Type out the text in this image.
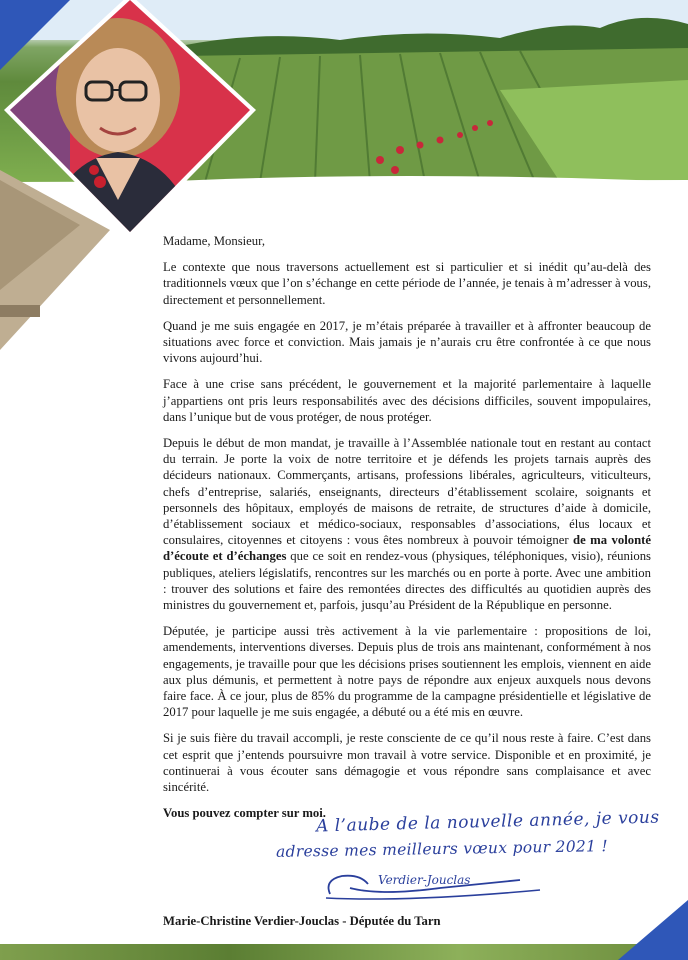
Madame, Monsieur,

Le contexte que nous traversons actuellement est si particulier et si inédit qu’au-delà des traditionnels vœux que l’on s’échange en cette période de l’année, je tenais à m’adresser à vous, directement et personnellement.

Quand je me suis engagée en 2017, je m’étais préparée à travailler et à affronter beaucoup de situations avec force et conviction. Mais jamais je n’aurais cru être confrontée à ce que nous vivons aujourd’hui.

Face à une crise sans précédent, le gouvernement et la majorité parlementaire à laquelle j’appartiens ont pris leurs responsabilités avec des décisions difficiles, souvent impopulaires, dans l’unique but de vous protéger, de nous protéger.

Depuis le début de mon mandat, je travaille à l’Assemblée nationale tout en restant au contact du terrain. Je porte la voix de notre territoire et je défends les projets tarnais auprès des décideurs nationaux. Commerçants, artisans, professions libérales, agriculteurs, viticulteurs, chefs d’entreprise, salariés, enseignants, directeurs d’établissement scolaire, soignants et personnels des hôpitaux, employés de maisons de retraite, de structures d’aide à domicile, d’établissement sociaux et médico-sociaux, responsables d’associations, élus locaux et consulaires, citoyennes et citoyens : vous êtes nombreux à pouvoir témoigner de ma volonté d’écoute et d’échanges que ce soit en rendez-vous (physiques, téléphoniques, visio), réunions publiques, ateliers législatifs, rencontres sur les marchés ou en porte à porte. Avec une ambition : trouver des solutions et faire des remontées directes des difficultés au quotidien auprès des ministres du gouvernement et, parfois, jusqu’au Président de la République en personne.

Députée, je participe aussi très activement à la vie parlementaire : propositions de loi, amendements, interventions diverses. Depuis plus de trois ans maintenant, conformément à nos engagements, je travaille pour que les décisions prises soutiennent les emplois, viennent en aide aux plus démunis, et permettent à notre pays de répondre aux enjeux auxquels nous devons faire face. À ce jour, plus de 85% du programme de la campagne présidentielle et législative de 2017 pour laquelle je me suis engagée, a débuté ou a été mis en œuvre.

Si je suis fière du travail accompli, je reste consciente de ce qu’il nous reste à faire. C’est dans cet esprit que j’entends poursuivre mon travail à votre service. Disponible et en proximité, je continuerai à vous écouter sans démagogie et vous répondre sans complaisance et avec sincérité.

Vous pouvez compter sur moi.

A l’aube de la nouvelle année, je vous
adresse mes meilleurs vœux pour 2021 !
Verdier-Jouclas
Marie-Christine Verdier-Jouclas - Députée du Tarn
